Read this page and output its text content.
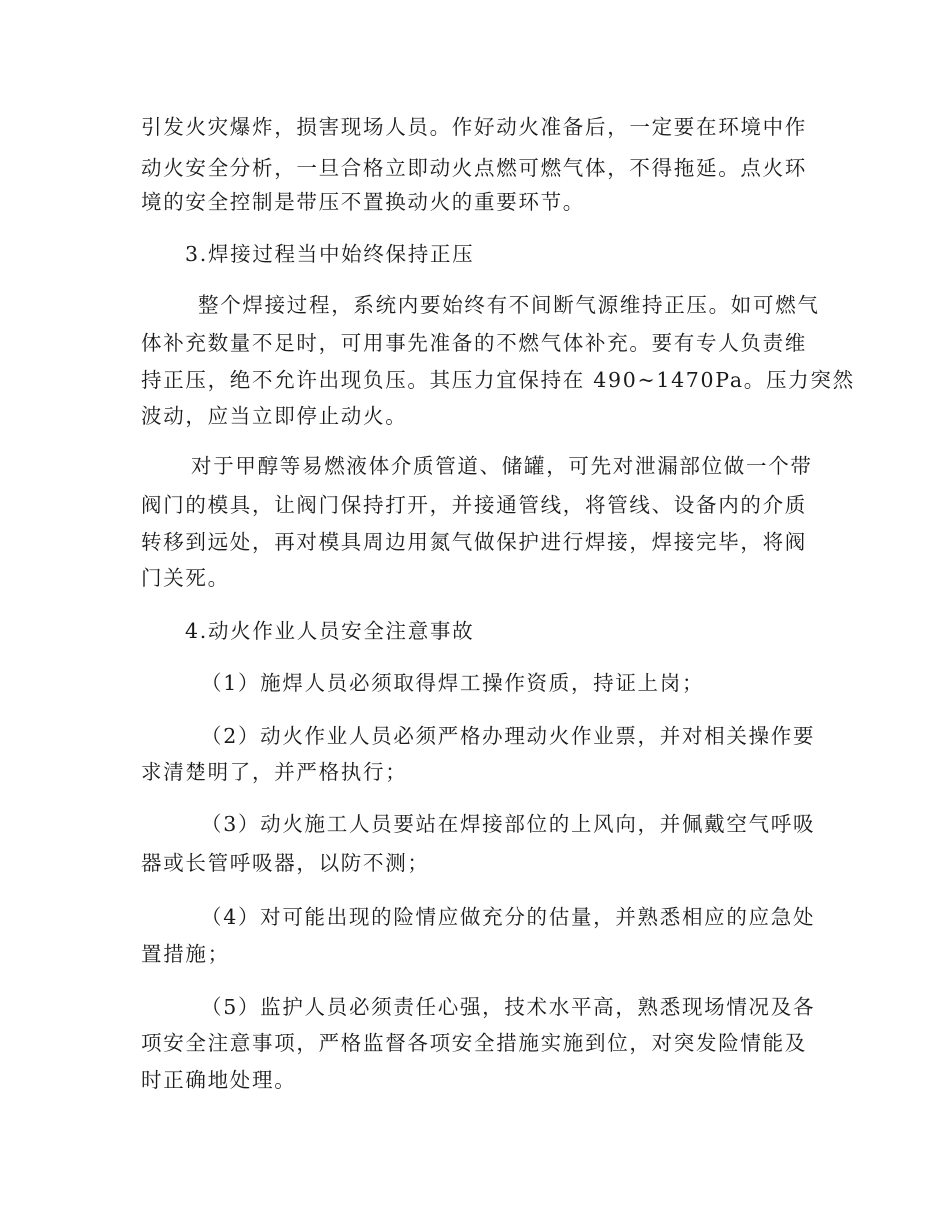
引发火灾爆炸，损害现场人员。作好动火准备后，一定要在环境中作
动火安全分析，一旦合格立即动火点燃可燃气体，不得拖延。点火环
境的安全控制是带压不置换动火的重要环节。
3.焊接过程当中始终保持正压
整个焊接过程，系统内要始终有不间断气源维持正压。如可燃气
体补充数量不足时，可用事先准备的不燃气体补充。要有专人负责维
持正压，绝不允许出现负压。其压力宜保持在 490~1470Pa。压力突然
波动，应当立即停止动火。
对于甲醇等易燃液体介质管道、储罐，可先对泄漏部位做一个带
阀门的模具，让阀门保持打开，并接通管线，将管线、设备内的介质
转移到远处，再对模具周边用氮气做保护进行焊接，焊接完毕，将阀
门关死。
4.动火作业人员安全注意事故
（1）施焊人员必须取得焊工操作资质，持证上岗；
（2）动火作业人员必须严格办理动火作业票，并对相关操作要
求清楚明了，并严格执行；
（3）动火施工人员要站在焊接部位的上风向，并佩戴空气呼吸
器或长管呼吸器，以防不测；
（4）对可能出现的险情应做充分的估量，并熟悉相应的应急处
置措施；
（5）监护人员必须责任心强，技术水平高，熟悉现场情况及各
项安全注意事项，严格监督各项安全措施实施到位，对突发险情能及
时正确地处理。
